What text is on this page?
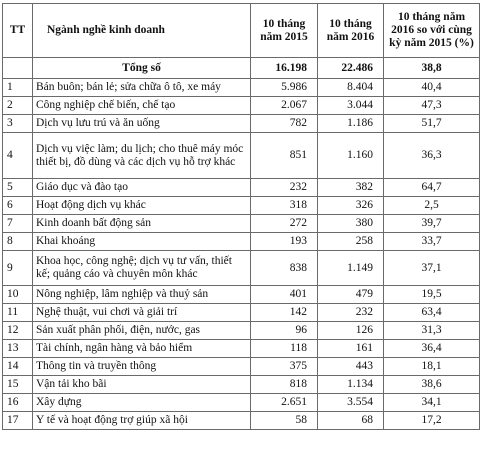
TT	Ngành nghề kinh doanh	10 tháng năm 2015	10 tháng năm 2016	10 tháng năm 2016 so với cùng kỳ năm 2015 (%)
	Tổng số	16.198	22.486	38,8
1	Bán buôn; bán lẻ; sửa chữa ô tô, xe máy	5.986	8.404	40,4
2	Công nghiệp chế biến, chế tạo	2.067	3.044	47,3
3	Dịch vụ lưu trú và ăn uống	782	1.186	51,7
4	Dịch vụ việc làm; du lịch; cho thuê máy móc thiết bị, đồ dùng và các dịch vụ hỗ trợ khác	851	1.160	36,3
5	Giáo dục và đào tạo	232	382	64,7
6	Hoạt động dịch vụ khác	318	326	2,5
7	Kinh doanh bất động sản	272	380	39,7
8	Khai khoáng	193	258	33,7
9	Khoa học, công nghệ; dịch vụ tư vấn, thiết kế; quảng cáo và chuyên môn khác	838	1.149	37,1
10	Nông nghiệp, lâm nghiệp và thuỷ sản	401	479	19,5
11	Nghệ thuật, vui chơi và giải trí	142	232	63,4
12	Sản xuất phân phối, điện, nước, gas	96	126	31,3
13	Tài chính, ngân hàng và bảo hiểm	118	161	36,4
14	Thông tin và truyền thông	375	443	18,1
15	Vận tải kho bãi	818	1.134	38,6
16	Xây dựng	2.651	3.554	34,1
17	Y tế và hoạt động trợ giúp xã hội	58	68	17,2
